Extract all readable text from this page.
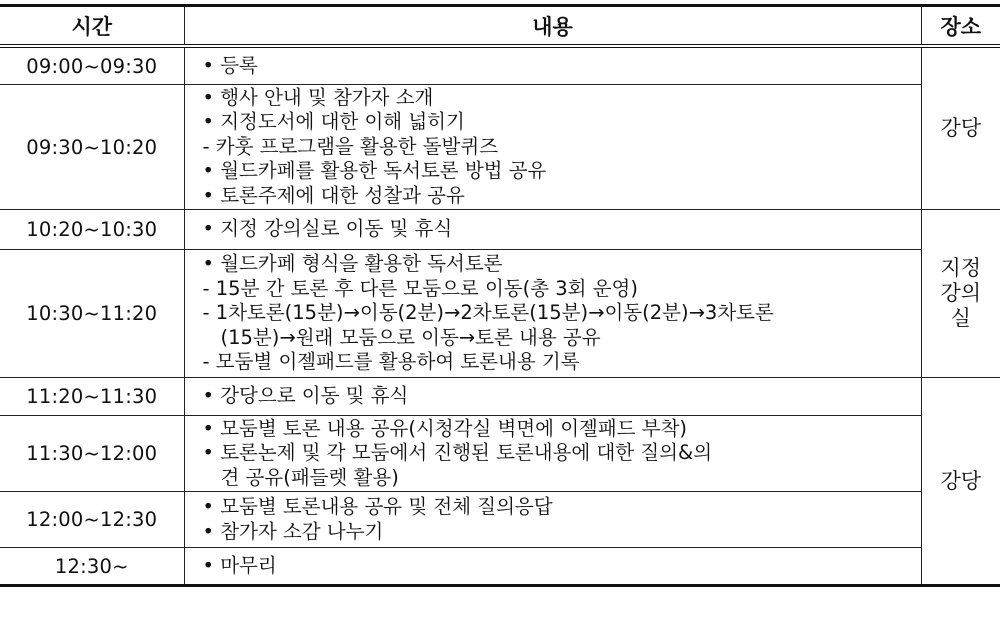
시간	내용	장소
09:00~09:30	• 등록	강당
09:30~10:20	• 행사 안내 및 참가자 소개
• 지정도서에 대한 이해 넓히기
- 카훗 프로그램을 활용한 돌발퀴즈
• 월드카페를 활용한 독서토론 방법 공유
• 토론주제에 대한 성찰과 공유	

10:20~10:30	• 지정 강의실로 이동 및 휴식	지정
강의
실

10:30~11:20	• 월드카페 형식을 활용한 독서토론
- 15분 간 토론 후 다른 모둠으로 이동(총 3회 운영)
- 1차토론(15분)→이동(2분)→2차토론(15분)→이동(2분)→3차토론
(15분)→원래 모둠으로 이동→토론 내용 공유
- 모둠별 이젤패드를 활용하여 토론내용 기록	

11:20~11:30	• 강당으로 이동 및 휴식	강당
11:30~12:00	• 모둠별 토론 내용 공유(시청각실 벽면에 이젤패드 부착)
• 토론논제 및 각 모둠에서 진행된 토론내용에 대한 질의&의
견 공유(패들렛 활용)	

12:00~12:30	• 모둠별 토론내용 공유 및 전체 질의응답
• 참가자 소감 나누기	

12:30~	• 마무리	
